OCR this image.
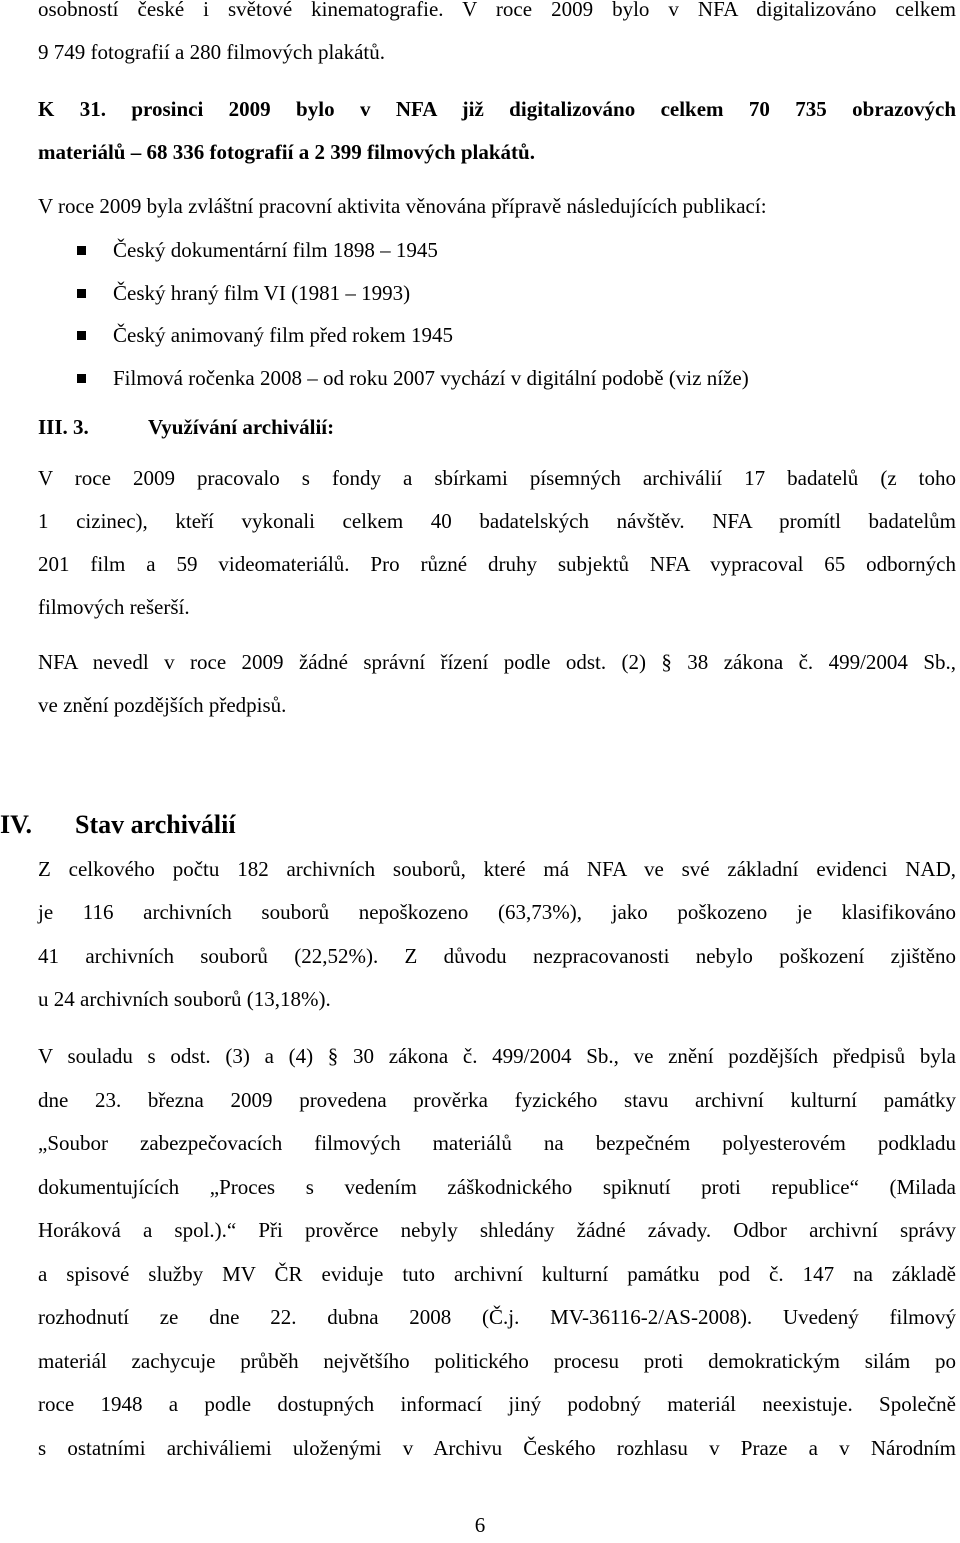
osobností české i světové kinematografie. V roce 2009 bylo v NFA digitalizováno celkem

9 749 fotografií a 280 filmových plakátů.

K 31. prosinci 2009 bylo v NFA již digitalizováno celkem 70 735 obrazových

materiálů – 68 336 fotografií a 2 399 filmových plakátů.

V roce 2009 byla zvláštní pracovní aktivita věnována přípravě následujících publikací:

Český dokumentární film 1898 – 1945
Český hraný film VI (1981 – 1993)
Český animovaný film před rokem 1945
Filmová ročenka 2008 – od roku 2007 vychází v digitální podobě (viz níže)
III. 3.	Využívání archiválií:

V roce 2009 pracovalo s fondy a sbírkami písemných archiválií 17 badatelů (z toho

1 cizinec), kteří vykonali celkem 40 badatelských návštěv. NFA promítl badatelům

201 film a 59 videomateriálů. Pro různé druhy subjektů NFA vypracoval 65 odborných

filmových rešerší.

NFA nevedl v roce 2009 žádné správní řízení podle odst. (2) § 38 zákona č. 499/2004 Sb.,

ve znění pozdějších předpisů.

IV. Stav archiválií

Z celkového počtu 182 archivních souborů, které má NFA ve své základní evidenci NAD,

je 116 archivních souborů nepoškozeno (63,73%), jako poškozeno je klasifikováno

41 archivních souborů (22,52%). Z důvodu nezpracovanosti nebylo poškození zjištěno

u 24 archivních souborů (13,18%).

V souladu s odst. (3) a (4) § 30 zákona č. 499/2004 Sb., ve znění pozdějších předpisů byla

dne 23. března 2009 provedena prověrka fyzického stavu archivní kulturní památky

„Soubor zabezpečovacích filmových materiálů na bezpečném polyesterovém podkladu

dokumentujících „Proces s vedením záškodnického spiknutí proti republice“ (Milada

Horáková a spol.).“ Při prověrce nebyly shledány žádné závady. Odbor archivní správy

a spisové služby MV ČR eviduje tuto archivní kulturní památku pod č. 147 na základě

rozhodnutí ze dne 22. dubna 2008 (Č.j. MV-36116-2/AS-2008). Uvedený filmový

materiál zachycuje průběh největšího politického procesu proti demokratickým silám po

roce 1948 a podle dostupných informací jiný podobný materiál neexistuje. Společně

s ostatními archiváliemi uloženými v Archivu Českého rozhlasu v Praze a v Národním

6
